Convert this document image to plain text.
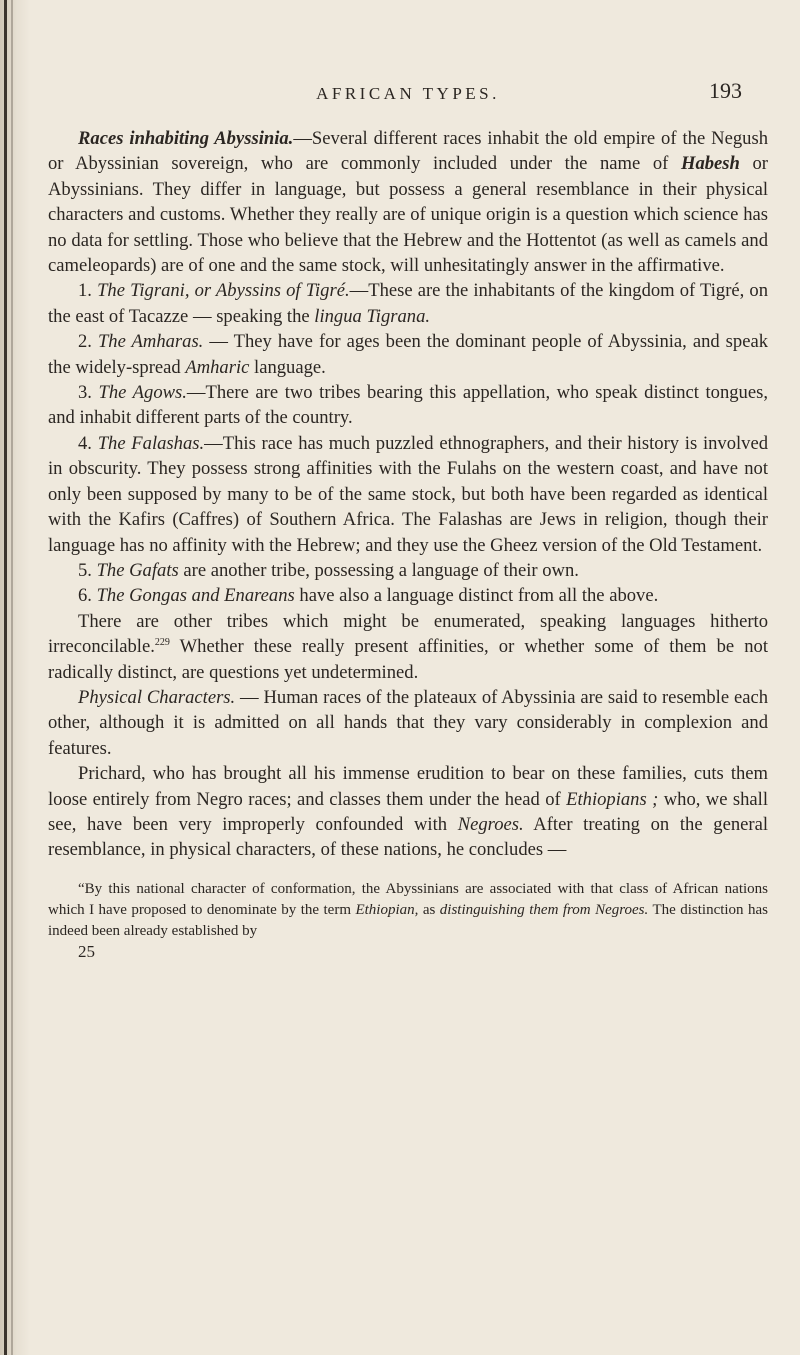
AFRICAN TYPES.	193

Races inhabiting Abyssinia.—Several different races inhabit the old empire of the Negush or Abyssinian sovereign, who are commonly included under the name of Habesh or Abyssinians. They differ in language, but possess a general resemblance in their physical characters and customs. Whether they really are of unique origin is a question which science has no data for settling. Those who believe that the Hebrew and the Hottentot (as well as camels and cameleopards) are of one and the same stock, will unhesitatingly answer in the affirmative.

1. The Tigrani, or Abyssins of Tigré.—These are the inhabitants of the kingdom of Tigré, on the east of Tacazze — speaking the lingua Tigrana.

2. The Amharas. — They have for ages been the dominant people of Abyssinia, and speak the widely-spread Amharic language.

3. The Agows.—There are two tribes bearing this appellation, who speak distinct tongues, and inhabit different parts of the country.

4. The Falashas.—This race has much puzzled ethnographers, and their history is involved in obscurity. They possess strong affinities with the Fulahs on the western coast, and have not only been supposed by many to be of the same stock, but both have been regarded as identical with the Kafirs (Caffres) of Southern Africa. The Falashas are Jews in religion, though their language has no affinity with the Hebrew; and they use the Gheez version of the Old Testament.

5. The Gafats are another tribe, possessing a language of their own.

6. The Gongas and Enareans have also a language distinct from all the above.

There are other tribes which might be enumerated, speaking languages hitherto irreconcilable.$^{229}$ Whether these really present affinities, or whether some of them be not radically distinct, are questions yet undetermined.

Physical Characters. — Human races of the plateaux of Abyssinia are said to resemble each other, although it is admitted on all hands that they vary considerably in complexion and features.

Prichard, who has brought all his immense erudition to bear on these families, cuts them loose entirely from Negro races; and classes them under the head of Ethiopians ; who, we shall see, have been very improperly confounded with Negroes. After treating on the general resemblance, in physical characters, of these nations, he concludes —

“By this national character of conformation, the Abyssinians are associated with that class of African nations which I have proposed to denominate by the term Ethiopian, as distinguishing them from Negroes. The distinction has indeed been already established by

25
